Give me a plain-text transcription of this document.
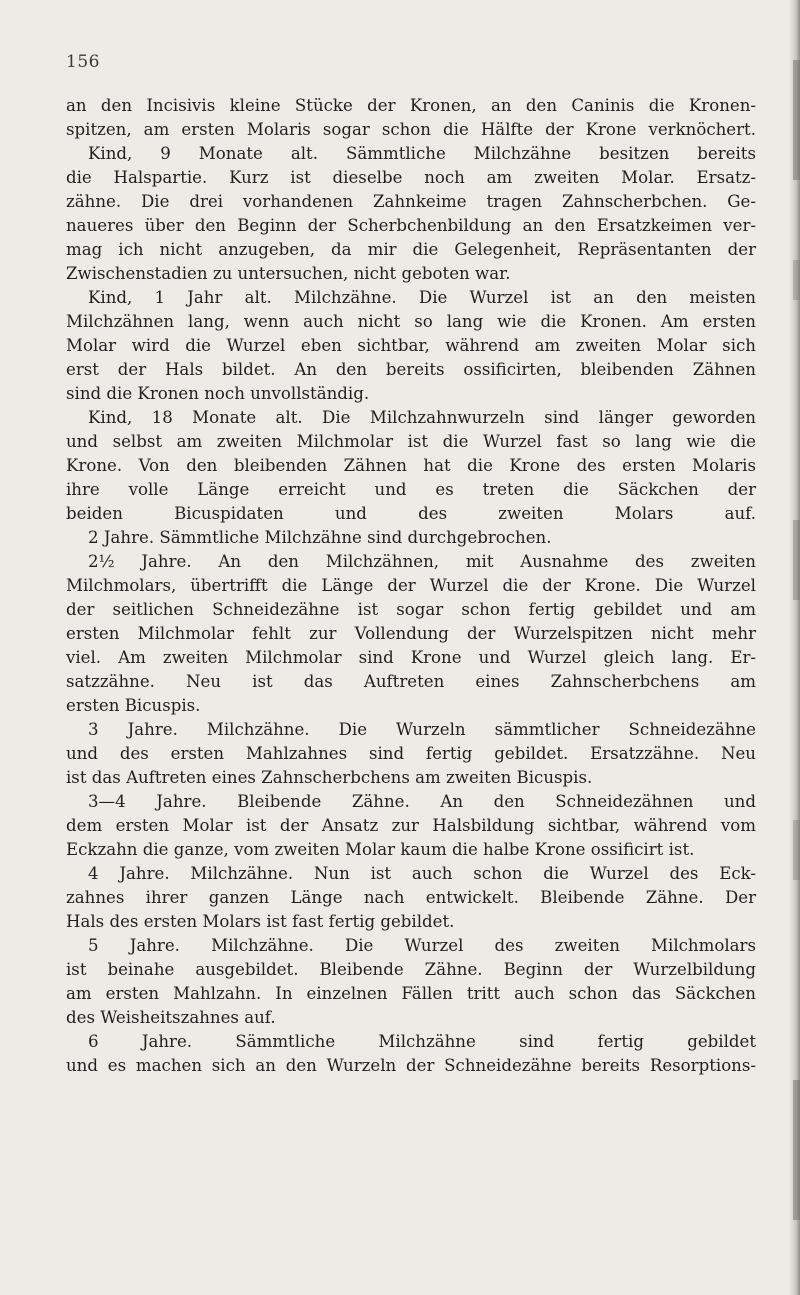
156
an den Incisivis kleine Stücke der Kronen, an den Caninis die Kronen-
spitzen, am ersten Molaris sogar schon die Hälfte der Krone verknöchert.
Kind, 9 Monate alt. Sämmtliche Milchzähne besitzen bereits
die Halspartie. Kurz ist dieselbe noch am zweiten Molar. Ersatz-
zähne. Die drei vorhandenen Zahnkeime tragen Zahnscherbchen. Ge-
naueres über den Beginn der Scherbchenbildung an den Ersatzkeimen ver-
mag ich nicht anzugeben, da mir die Gelegenheit, Repräsentanten der
Zwischenstadien zu untersuchen, nicht geboten war.
Kind, 1 Jahr alt. Milchzähne. Die Wurzel ist an den meisten
Milchzähnen lang, wenn auch nicht so lang wie die Kronen. Am ersten
Molar wird die Wurzel eben sichtbar, während am zweiten Molar sich
erst der Hals bildet. An den bereits ossificirten, bleibenden Zähnen
sind die Kronen noch unvollständig.
Kind, 18 Monate alt. Die Milchzahnwurzeln sind länger geworden
und selbst am zweiten Milchmolar ist die Wurzel fast so lang wie die
Krone. Von den bleibenden Zähnen hat die Krone des ersten Molaris
ihre volle Länge erreicht und es treten die Säckchen der
beiden Bicuspidaten und des zweiten Molars auf.
2 Jahre. Sämmtliche Milchzähne sind durchgebrochen.
2½ Jahre. An den Milchzähnen, mit Ausnahme des zweiten
Milchmolars, übertrifft die Länge der Wurzel die der Krone. Die Wurzel
der seitlichen Schneidezähne ist sogar schon fertig gebildet und am
ersten Milchmolar fehlt zur Vollendung der Wurzelspitzen nicht mehr
viel. Am zweiten Milchmolar sind Krone und Wurzel gleich lang. Er-
satzzähne. Neu ist das Auftreten eines Zahnscherbchens am
ersten Bicuspis.
3 Jahre. Milchzähne. Die Wurzeln sämmtlicher Schneidezähne
und des ersten Mahlzahnes sind fertig gebildet. Ersatzzähne. Neu
ist das Auftreten eines Zahnscherbchens am zweiten Bicuspis.
3—4 Jahre. Bleibende Zähne. An den Schneidezähnen und
dem ersten Molar ist der Ansatz zur Halsbildung sichtbar, während vom
Eckzahn die ganze, vom zweiten Molar kaum die halbe Krone ossificirt ist.
4 Jahre. Milchzähne. Nun ist auch schon die Wurzel des Eck-
zahnes ihrer ganzen Länge nach entwickelt. Bleibende Zähne. Der
Hals des ersten Molars ist fast fertig gebildet.
5 Jahre. Milchzähne. Die Wurzel des zweiten Milchmolars
ist beinahe ausgebildet. Bleibende Zähne. Beginn der Wurzelbildung
am ersten Mahlzahn. In einzelnen Fällen tritt auch schon das Säckchen
des Weisheitszahnes auf.
6 Jahre. Sämmtliche Milchzähne sind fertig gebildet
und es machen sich an den Wurzeln der Schneidezähne bereits Resorptions-
